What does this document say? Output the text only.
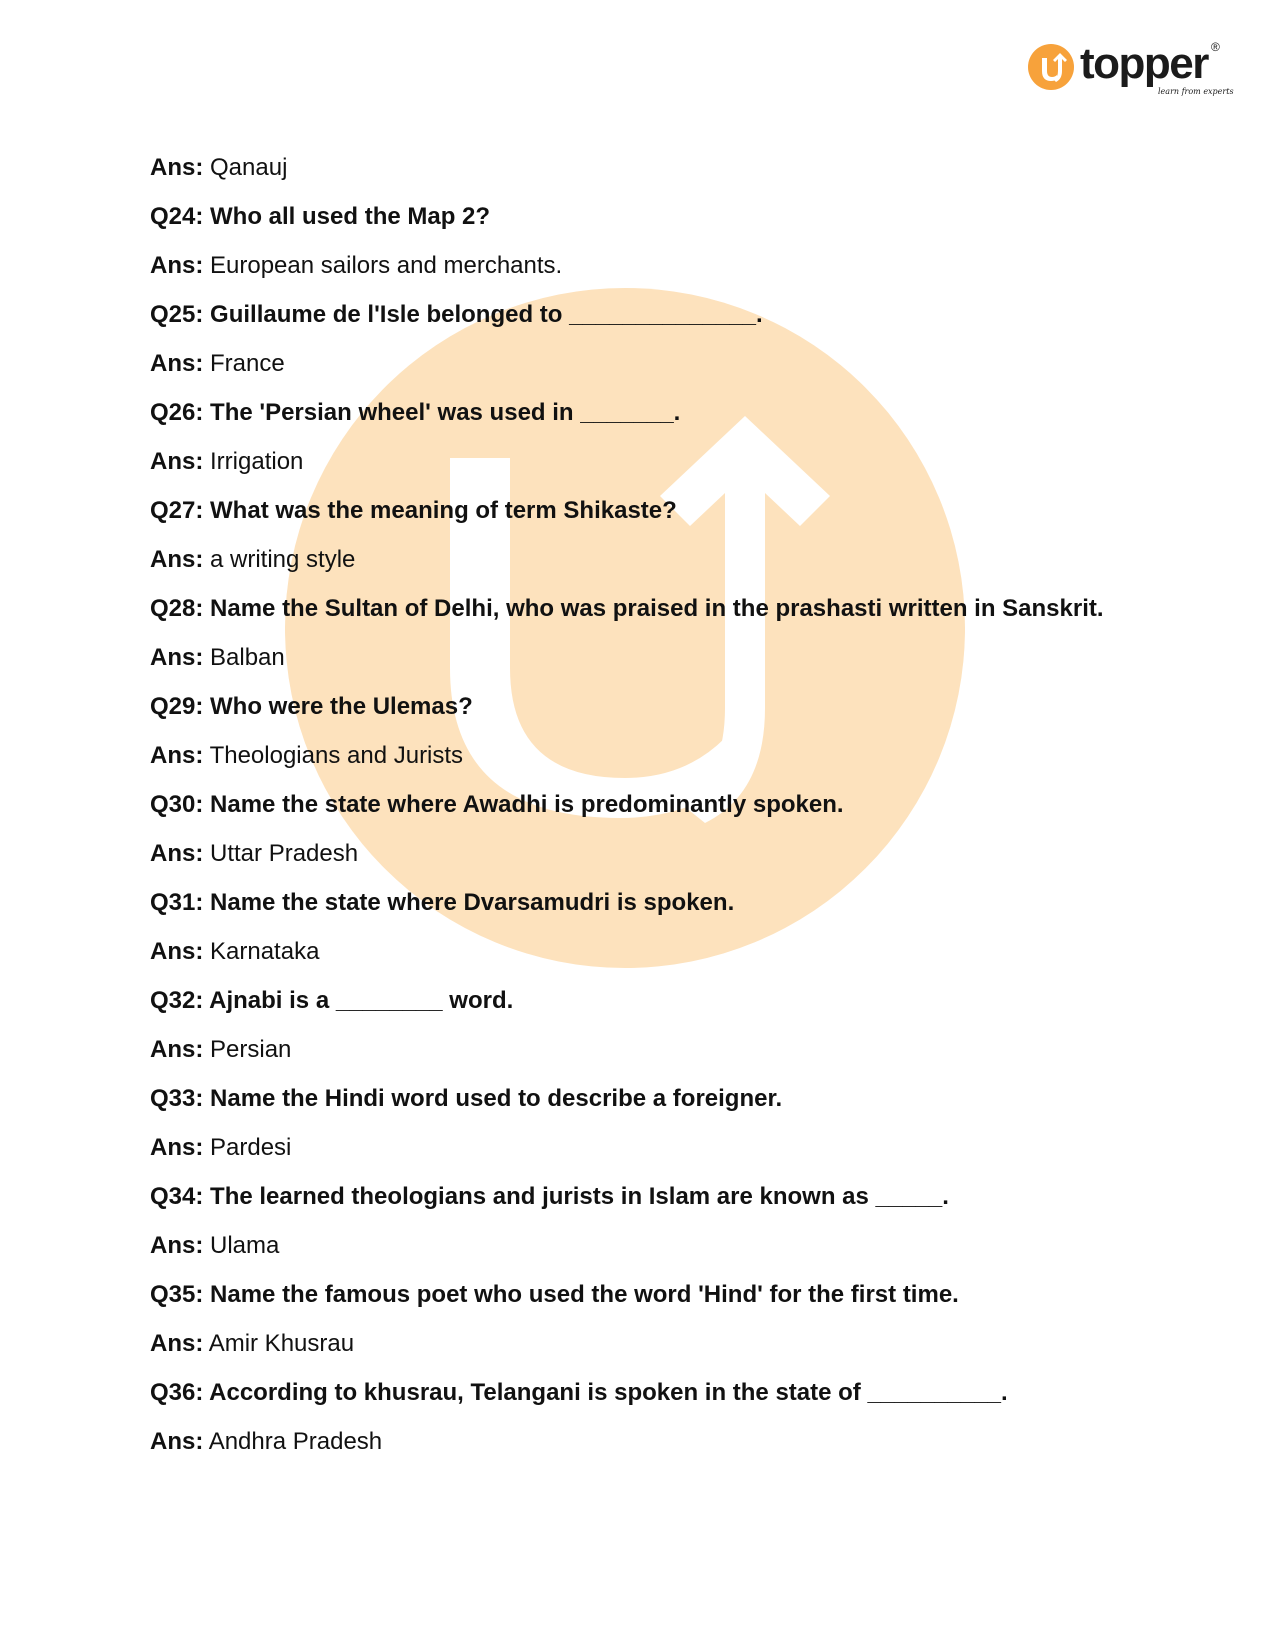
topper ®
learn from experts
Ans: Qanauj
Q24: Who all used the Map 2?
Ans: European sailors and merchants.
Q25: Guillaume de l'Isle belonged to ______________.
Ans: France
Q26: The 'Persian wheel' was used in _______.
Ans: Irrigation
Q27: What was the meaning of term Shikaste?
Ans: a writing style
Q28: Name the Sultan of Delhi, who was praised in the prashasti written in Sanskrit.
Ans: Balban
Q29: Who were the Ulemas?
Ans: Theologians and Jurists
Q30: Name the state where Awadhi is predominantly spoken.
Ans: Uttar Pradesh
Q31: Name the state where Dvarsamudri is spoken.
Ans: Karnataka
Q32: Ajnabi is a ________ word.
Ans: Persian
Q33: Name the Hindi word used to describe a foreigner.
Ans: Pardesi
Q34: The learned theologians and jurists in Islam are known as _____.
Ans: Ulama
Q35: Name the famous poet who used the word 'Hind' for the first time.
Ans: Amir Khusrau
Q36: According to khusrau, Telangani is spoken in the state of __________.
Ans: Andhra Pradesh
